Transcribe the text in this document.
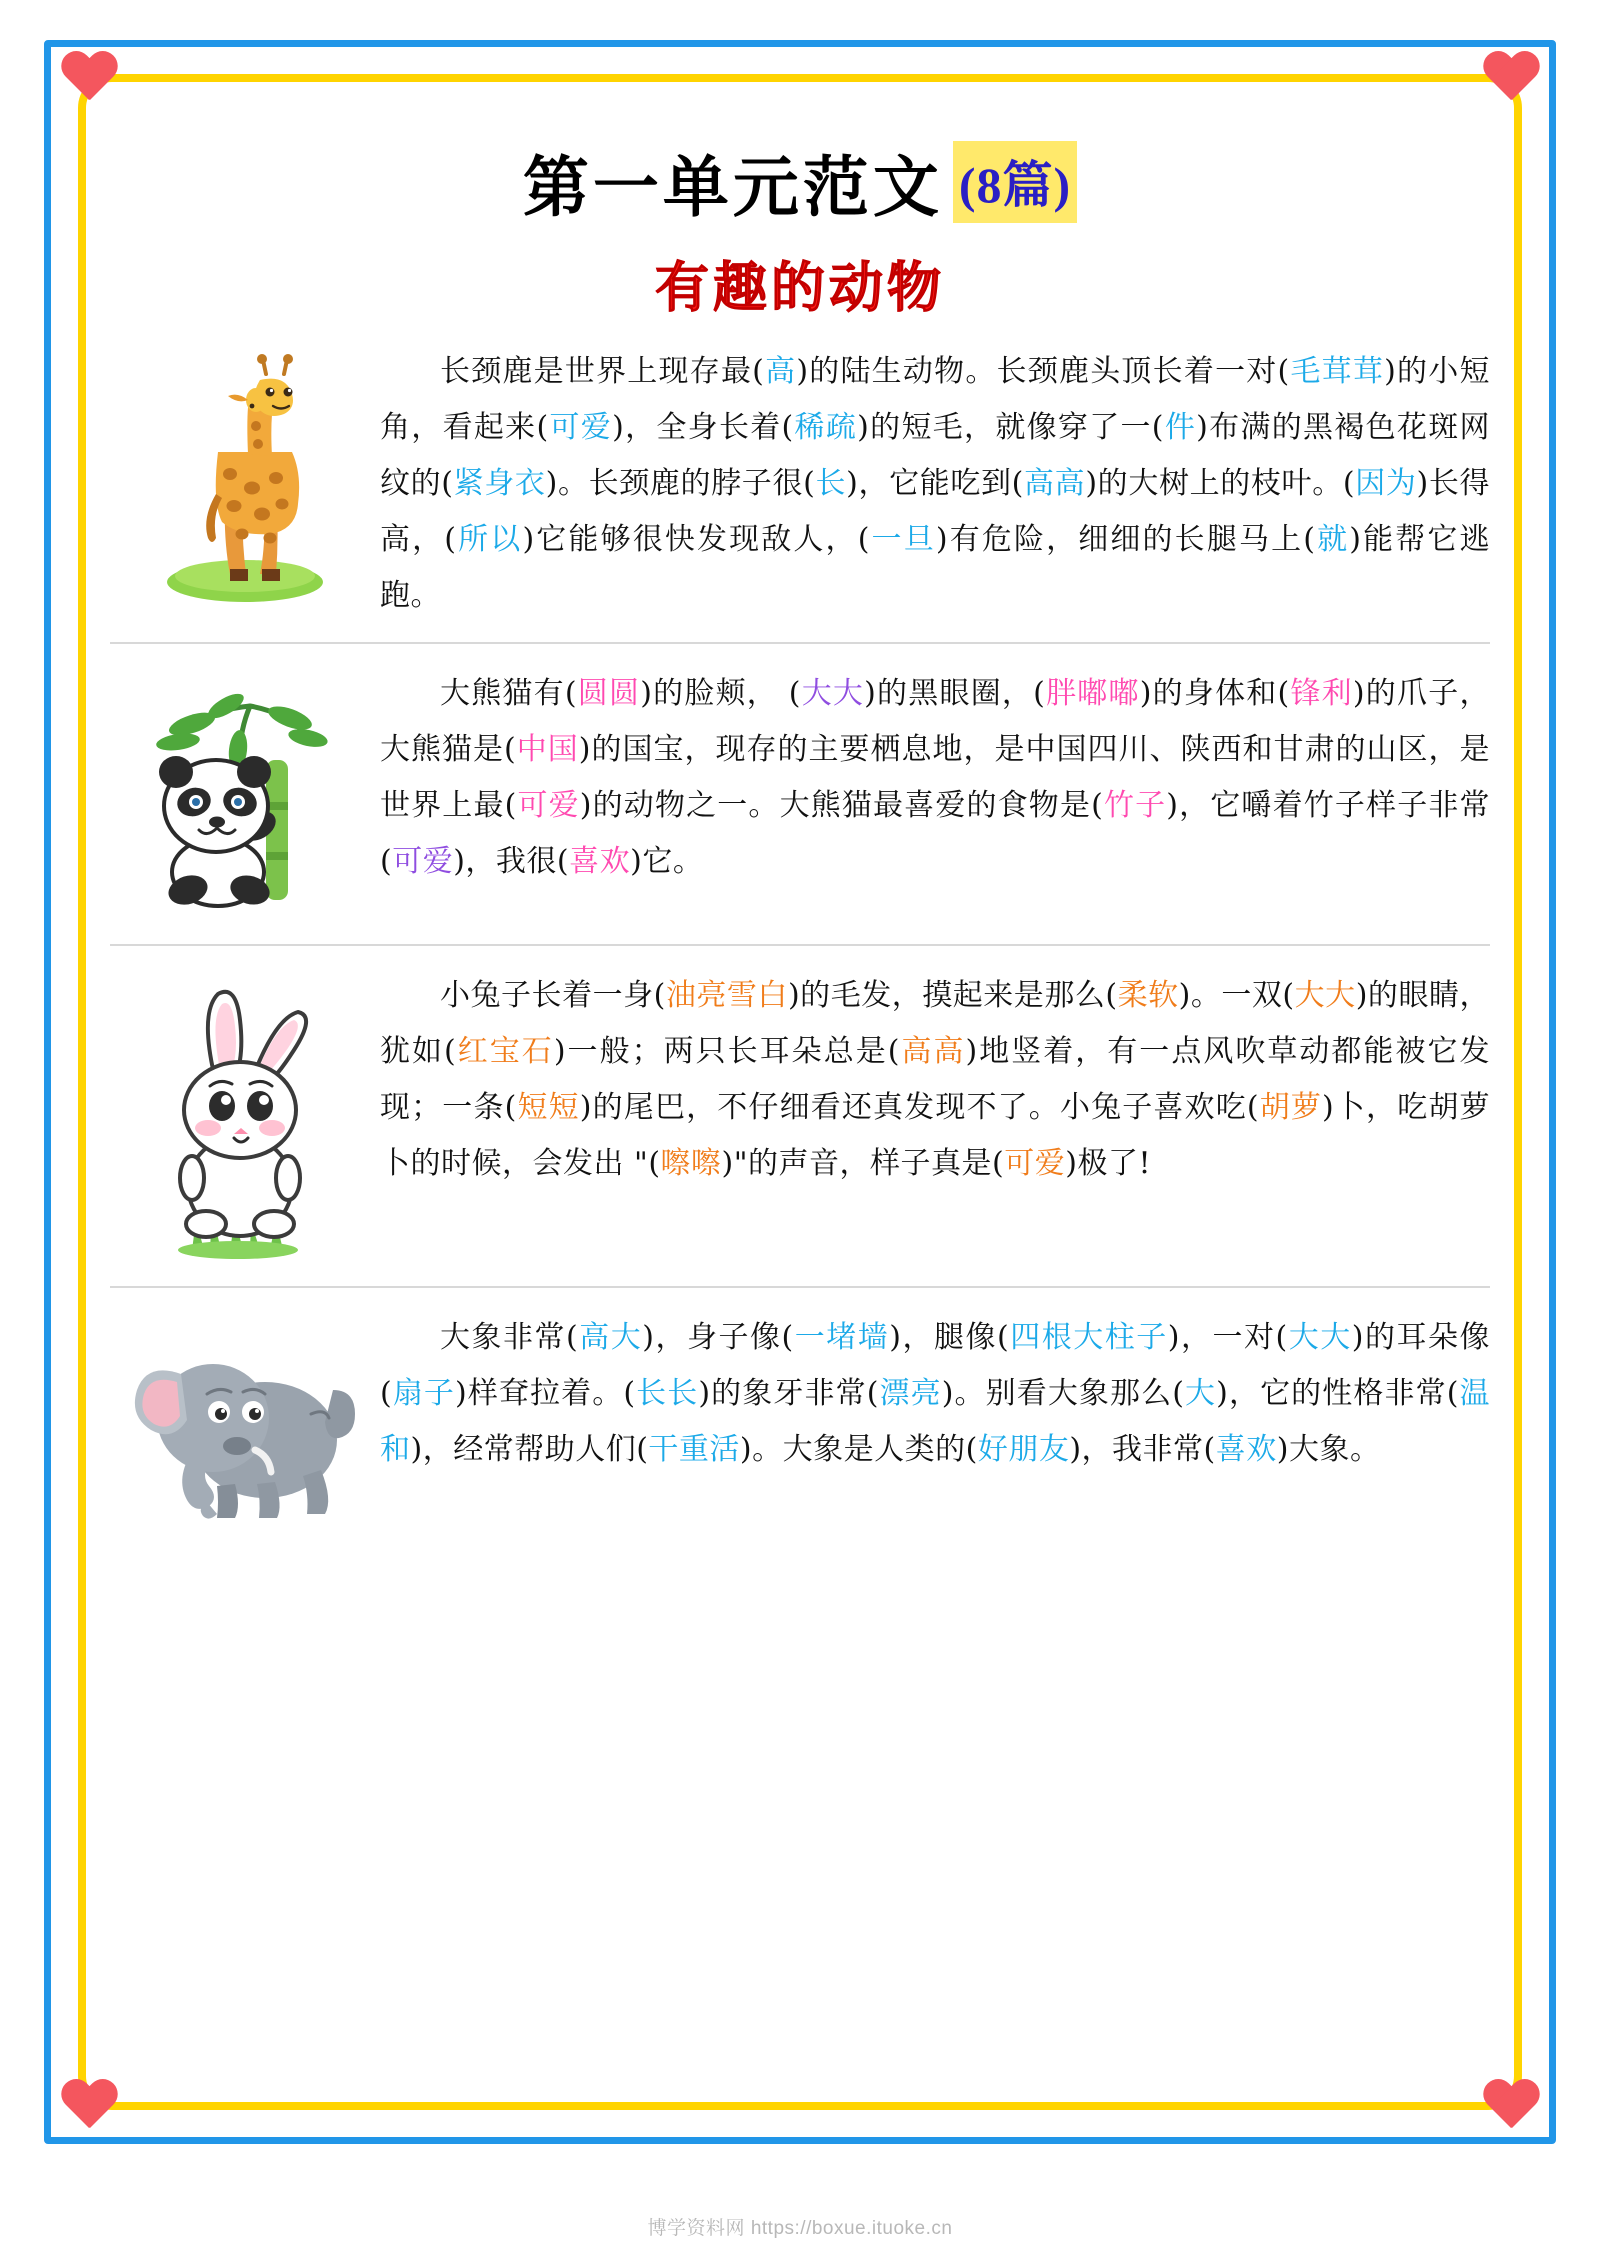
第一单元范文 (8篇)
有趣的动物
长颈鹿是世界上现存最(高)的陆生动物。长颈鹿头顶长着一对(毛茸茸)的小短角，看起来(可爱)，全身长着(稀疏)的短毛，就像穿了一(件)布满的黑褐色花斑网纹的(紧身衣)。长颈鹿的脖子很(长)，它能吃到(高高)的大树上的枝叶。(因为)长得高，(所以)它能够很快发现敌人，(一旦)有危险，细细的长腿马上(就)能帮它逃跑。
大熊猫有(圆圆)的脸颊， (大大)的黑眼圈，(胖嘟嘟)的身体和(锋利)的爪子，大熊猫是(中国)的国宝，现存的主要栖息地，是中国四川、陕西和甘肃的山区，是世界上最(可爱)的动物之一。大熊猫最喜爱的食物是(竹子)，它嚼着竹子样子非常(可爱)，我很(喜欢)它。
小兔子长着一身(油亮雪白)的毛发，摸起来是那么(柔软)。一双(大大)的眼睛，犹如(红宝石)一般；两只长耳朵总是(高高)地竖着，有一点风吹草动都能被它发现；一条(短短)的尾巴，不仔细看还真发现不了。小兔子喜欢吃(胡萝)卜，吃胡萝卜的时候，会发出 "(嚓嚓)"的声音，样子真是(可爱)极了!
大象非常(高大)，身子像(一堵墙)，腿像(四根大柱子)，一对(大大)的耳朵像(扇子)样耷拉着。(长长)的象牙非常(漂亮)。别看大象那么(大)，它的性格非常(温和)，经常帮助人们(干重活)。大象是人类的(好朋友)，我非常(喜欢)大象。
博学资料网 https://boxue.ituoke.cn
